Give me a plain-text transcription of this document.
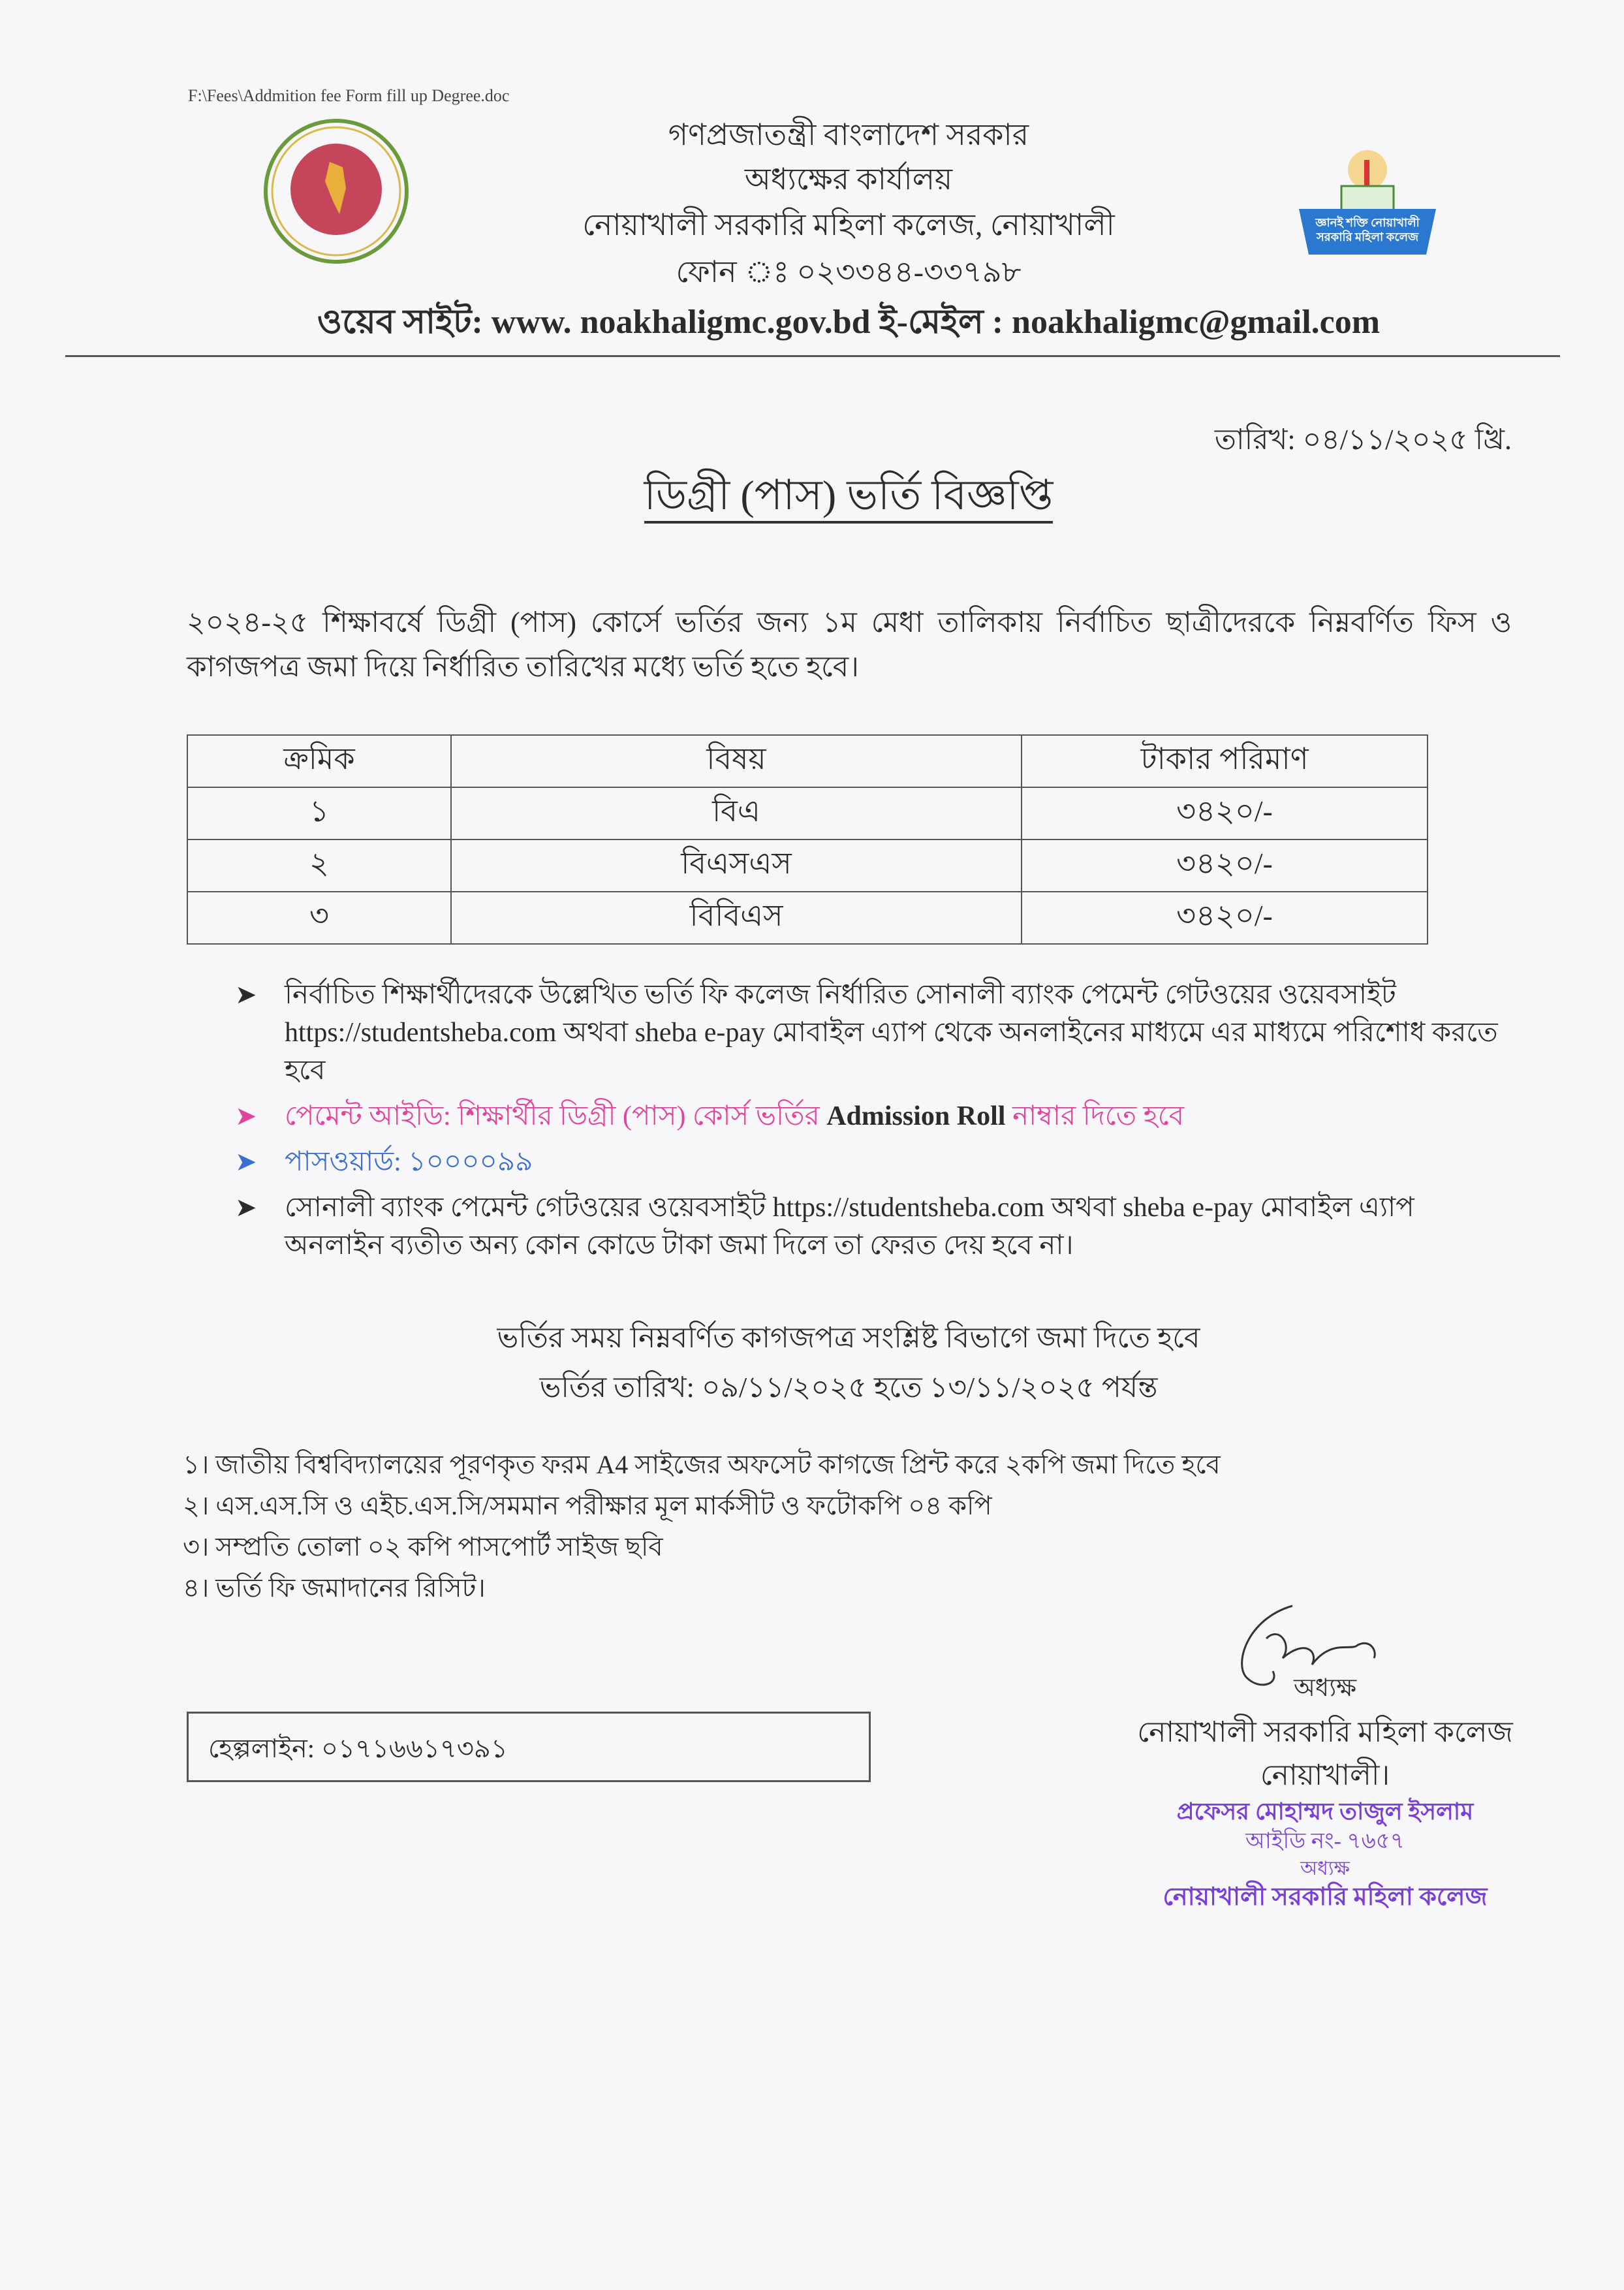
F:\Fees\Addmition fee Form fill up Degree.doc
জ্ঞানই শক্তি নোয়াখালী সরকারি মহিলা কলেজ
গণপ্রজাতন্ত্রী বাংলাদেশ সরকার
অধ্যক্ষের কার্যালয়
নোয়াখালী সরকারি মহিলা কলেজ, নোয়াখালী
ফোন ঃ ০২৩৩৪৪-৩৩৭৯৮
ওয়েব সাইট: www. noakhaligmc.gov.bd ই-মেইল : noakhaligmc@gmail.com
তারিখ: ০৪/১১/২০২৫ খ্রি.
ডিগ্রী (পাস) ভর্তি বিজ্ঞপ্তি
২০২৪-২৫ শিক্ষাবর্ষে ডিগ্রী (পাস) কোর্সে ভর্তির জন্য ১ম মেধা তালিকায় নির্বাচিত ছাত্রীদেরকে নিম্নবর্ণিত ফিস ও কাগজপত্র জমা দিয়ে নির্ধারিত তারিখের মধ্যে ভর্তি হতে হবে।
ক্রমিক	বিষয়	টাকার পরিমাণ
১	বিএ	৩৪২০/-
২	বিএসএস	৩৪২০/-
৩	বিবিএস	৩৪২০/-
➤	নির্বাচিত শিক্ষার্থীদেরকে উল্লেখিত ভর্তি ফি কলেজ নির্ধারিত সোনালী ব্যাংক পেমেন্ট গেটওয়ের ওয়েবসাইট https://studentsheba.com অথবা sheba e-pay মোবাইল এ্যাপ থেকে অনলাইনের মাধ্যমে এর মাধ্যমে পরিশোধ করতে হবে
➤	পেমেন্ট আইডি: শিক্ষার্থীর ডিগ্রী (পাস) কোর্স ভর্তির Admission Roll নাম্বার দিতে হবে
➤	পাসওয়ার্ড: ১০০০০৯৯
➤	সোনালী ব্যাংক পেমেন্ট গেটওয়ের ওয়েবসাইট https://studentsheba.com অথবা sheba e-pay মোবাইল এ্যাপ অনলাইন ব্যতীত অন্য কোন কোডে টাকা জমা দিলে তা ফেরত দেয় হবে না।
ভর্তির সময় নিম্নবর্ণিত কাগজপত্র সংশ্লিষ্ট বিভাগে জমা দিতে হবে
ভর্তির তারিখ: ০৯/১১/২০২৫ হতে ১৩/১১/২০২৫ পর্যন্ত
১। জাতীয় বিশ্ববিদ্যালয়ের পূরণকৃত ফরম A4 সাইজের অফসেট কাগজে প্রিন্ট করে ২কপি জমা দিতে হবে
২। এস.এস.সি ও এইচ.এস.সি/সমমান পরীক্ষার মূল মার্কসীট ও ফটোকপি ০৪ কপি
৩। সম্প্রতি তোলা ০২ কপি পাসপোর্ট সাইজ ছবি
৪। ভর্তি ফি জমাদানের রিসিট।
অধ্যক্ষ
নোয়াখালী সরকারি মহিলা কলেজ
নোয়াখালী।
প্রফেসর মোহাম্মদ তাজুল ইসলাম
আইডি নং- ৭৬৫৭
অধ্যক্ষ
নোয়াখালী সরকারি মহিলা কলেজ
হেল্পলাইন: ০১৭১৬৬১৭৩৯১
